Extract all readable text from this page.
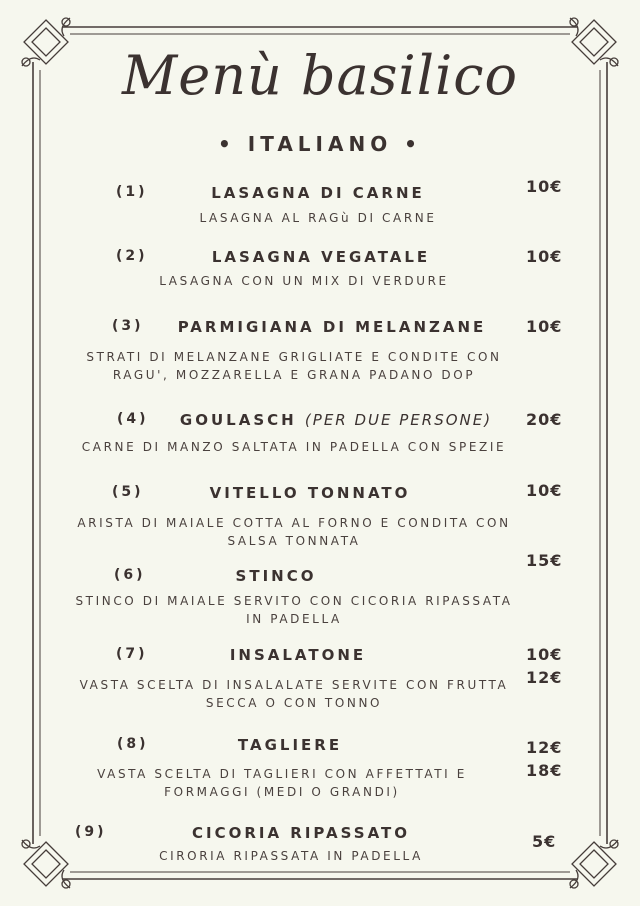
Menù basilico
• ITALIANO •
(1)	LASAGNA DI CARNE	10€
LASAGNA AL RAGù DI CARNE
(2)	LASAGNA VEGATALE	10€
LASAGNA CON UN MIX DI VERDURE
(3) PARMIGIANA DI MELANZANE 10€
STRATI DI MELANZANE GRIGLIATE E CONDITE CON
RAGU', MOZZARELLA E GRANA PADANO DOP
(4) GOULASCH (PER DUE PERSONE) 20€
CARNE DI MANZO SALTATA IN PADELLA CON SPEZIE
(5)	VITELLO TONNATO	10€
ARISTA DI MAIALE COTTA AL FORNO E CONDITA CON
SALSA TONNATA
(6)	STINCO
15€
STINCO DI MAIALE SERVITO CON CICORIA RIPASSATA
IN PADELLA
(7)	INSALATONE	10€
12€
VASTA SCELTA DI INSALALATE SERVITE CON FRUTTA
SECCA O CON TONNO
(8)	TAGLIERE	12€
18€
VASTA SCELTA DI TAGLIERI CON AFFETTATI E
FORMAGGI (MEDI O GRANDI)
(9)	CICORIA RIPASSATO	5€
CIRORIA RIPASSATA IN PADELLA
